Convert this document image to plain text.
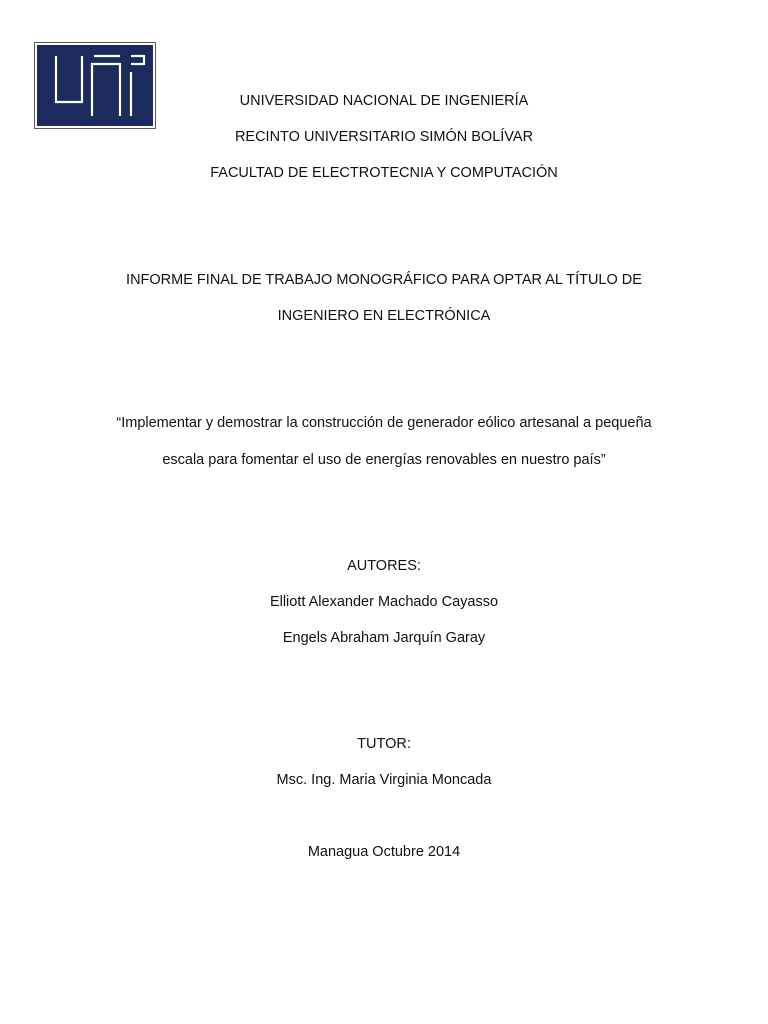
UNIVERSIDAD NACIONAL DE INGENIERÍA
RECINTO UNIVERSITARIO SIMÓN BOLÍVAR
FACULTAD DE ELECTROTECNIA Y COMPUTACIÓN
INFORME FINAL DE TRABAJO MONOGRÁFICO PARA OPTAR AL TÍTULO DE
INGENIERO EN ELECTRÓNICA
“Implementar y demostrar la construcción de generador eólico artesanal a pequeña
escala para fomentar el uso de energías renovables en nuestro país”
AUTORES:
Elliott Alexander Machado Cayasso
Engels Abraham Jarquín Garay
TUTOR:
Msc. Ing. Maria Virginia Moncada
Managua Octubre 2014
